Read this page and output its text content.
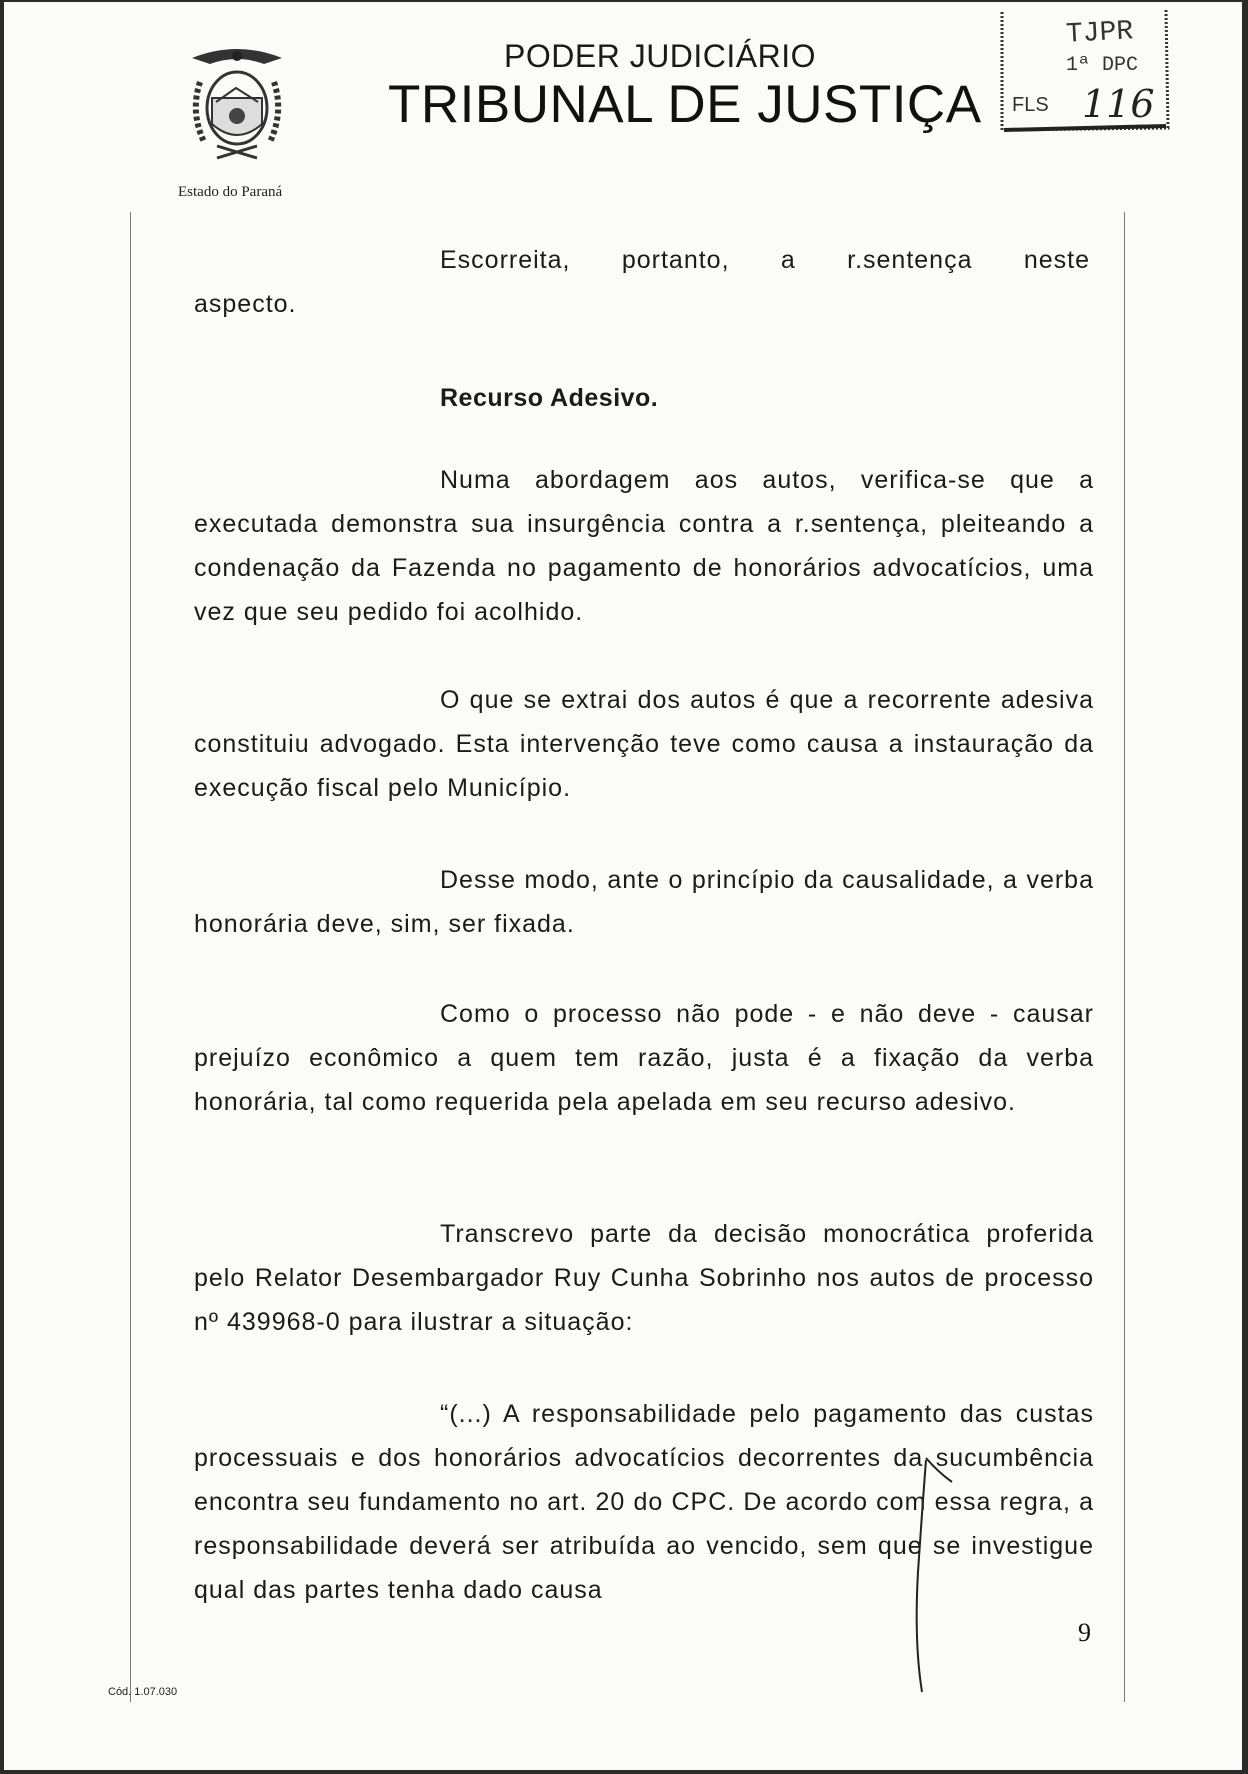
PODER JUDICIÁRIO
TRIBUNAL DE JUSTIÇA
Estado do Paraná
TJPR
1ª DPC
FLS 116
Escorreita, portanto, a r.sentença neste
aspecto.
Recurso Adesivo.
Numa abordagem aos autos, verifica-se que a executada demonstra sua insurgência contra a r.sentença, pleiteando a condenação da Fazenda no pagamento de honorários advocatícios, uma vez que seu pedido foi acolhido.
O que se extrai dos autos é que a recorrente adesiva constituiu advogado. Esta intervenção teve como causa a instauração da execução fiscal pelo Município.
Desse modo, ante o princípio da causalidade, a verba honorária deve, sim, ser fixada.
Como o processo não pode - e não deve - causar prejuízo econômico a quem tem razão, justa é a fixação da verba honorária, tal como requerida pela apelada em seu recurso adesivo.
Transcrevo parte da decisão monocrática proferida pelo Relator Desembargador Ruy Cunha Sobrinho nos autos de processo nº 439968-0 para ilustrar a situação:
“(...) A responsabilidade pelo pagamento das custas processuais e dos honorários advocatícios decorrentes da sucumbência encontra seu fundamento no art. 20 do CPC. De acordo com essa regra, a responsabilidade deverá ser atribuída ao vencido, sem que se investigue qual das partes tenha dado causa
9
Cód. 1.07.030
